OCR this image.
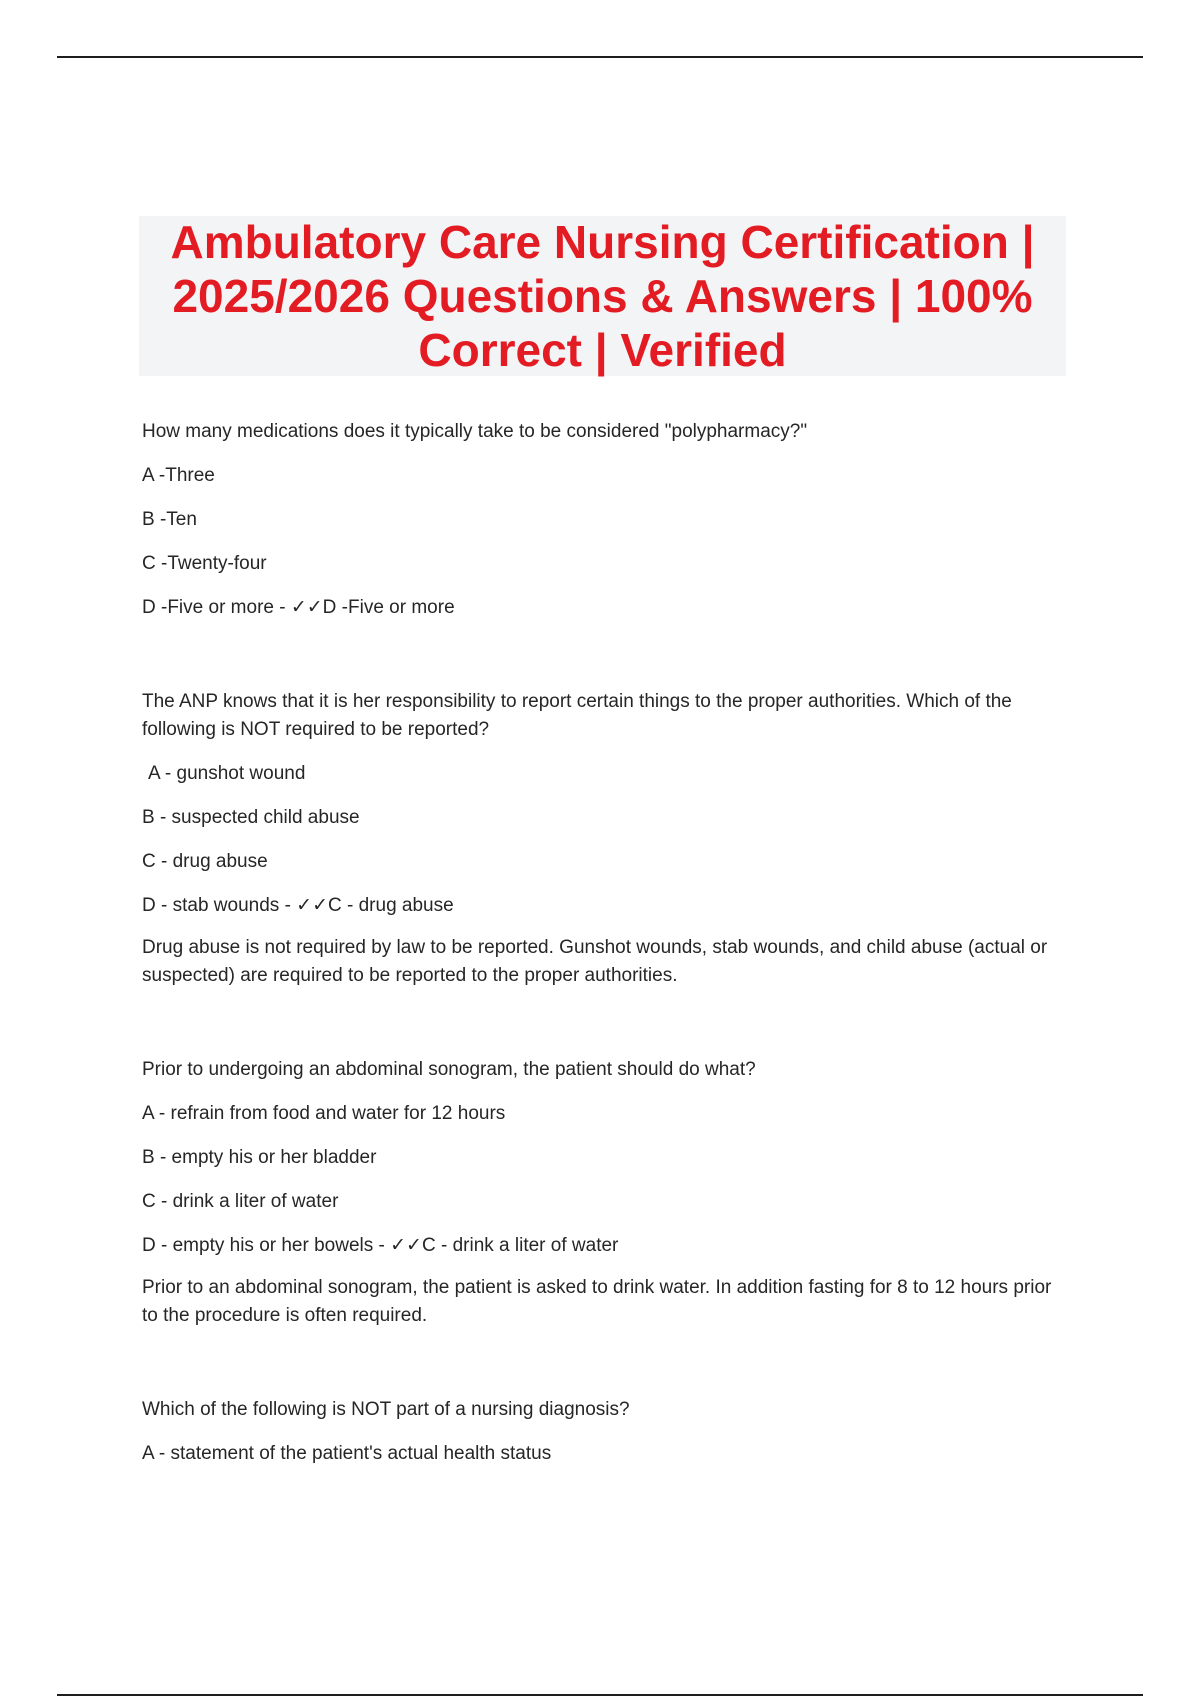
Ambulatory Care Nursing Certification | 2025/2026 Questions & Answers | 100% Correct | Verified
How many medications does it typically take to be considered "polypharmacy?"
A -Three
B -Ten
C -Twenty-four
D -Five or more - ✓✓D -Five or more
The ANP knows that it is her responsibility to report certain things to the proper authorities. Which of the following is NOT required to be reported?
A - gunshot wound
B - suspected child abuse
C - drug abuse
D - stab wounds - ✓✓C - drug abuse
Drug abuse is not required by law to be reported. Gunshot wounds, stab wounds, and child abuse (actual or suspected) are required to be reported to the proper authorities.
Prior to undergoing an abdominal sonogram, the patient should do what?
A - refrain from food and water for 12 hours
B - empty his or her bladder
C - drink a liter of water
D - empty his or her bowels - ✓✓C - drink a liter of water
Prior to an abdominal sonogram, the patient is asked to drink water. In addition fasting for 8 to 12 hours prior to the procedure is often required.
Which of the following is NOT part of a nursing diagnosis?
A - statement of the patient's actual health status
